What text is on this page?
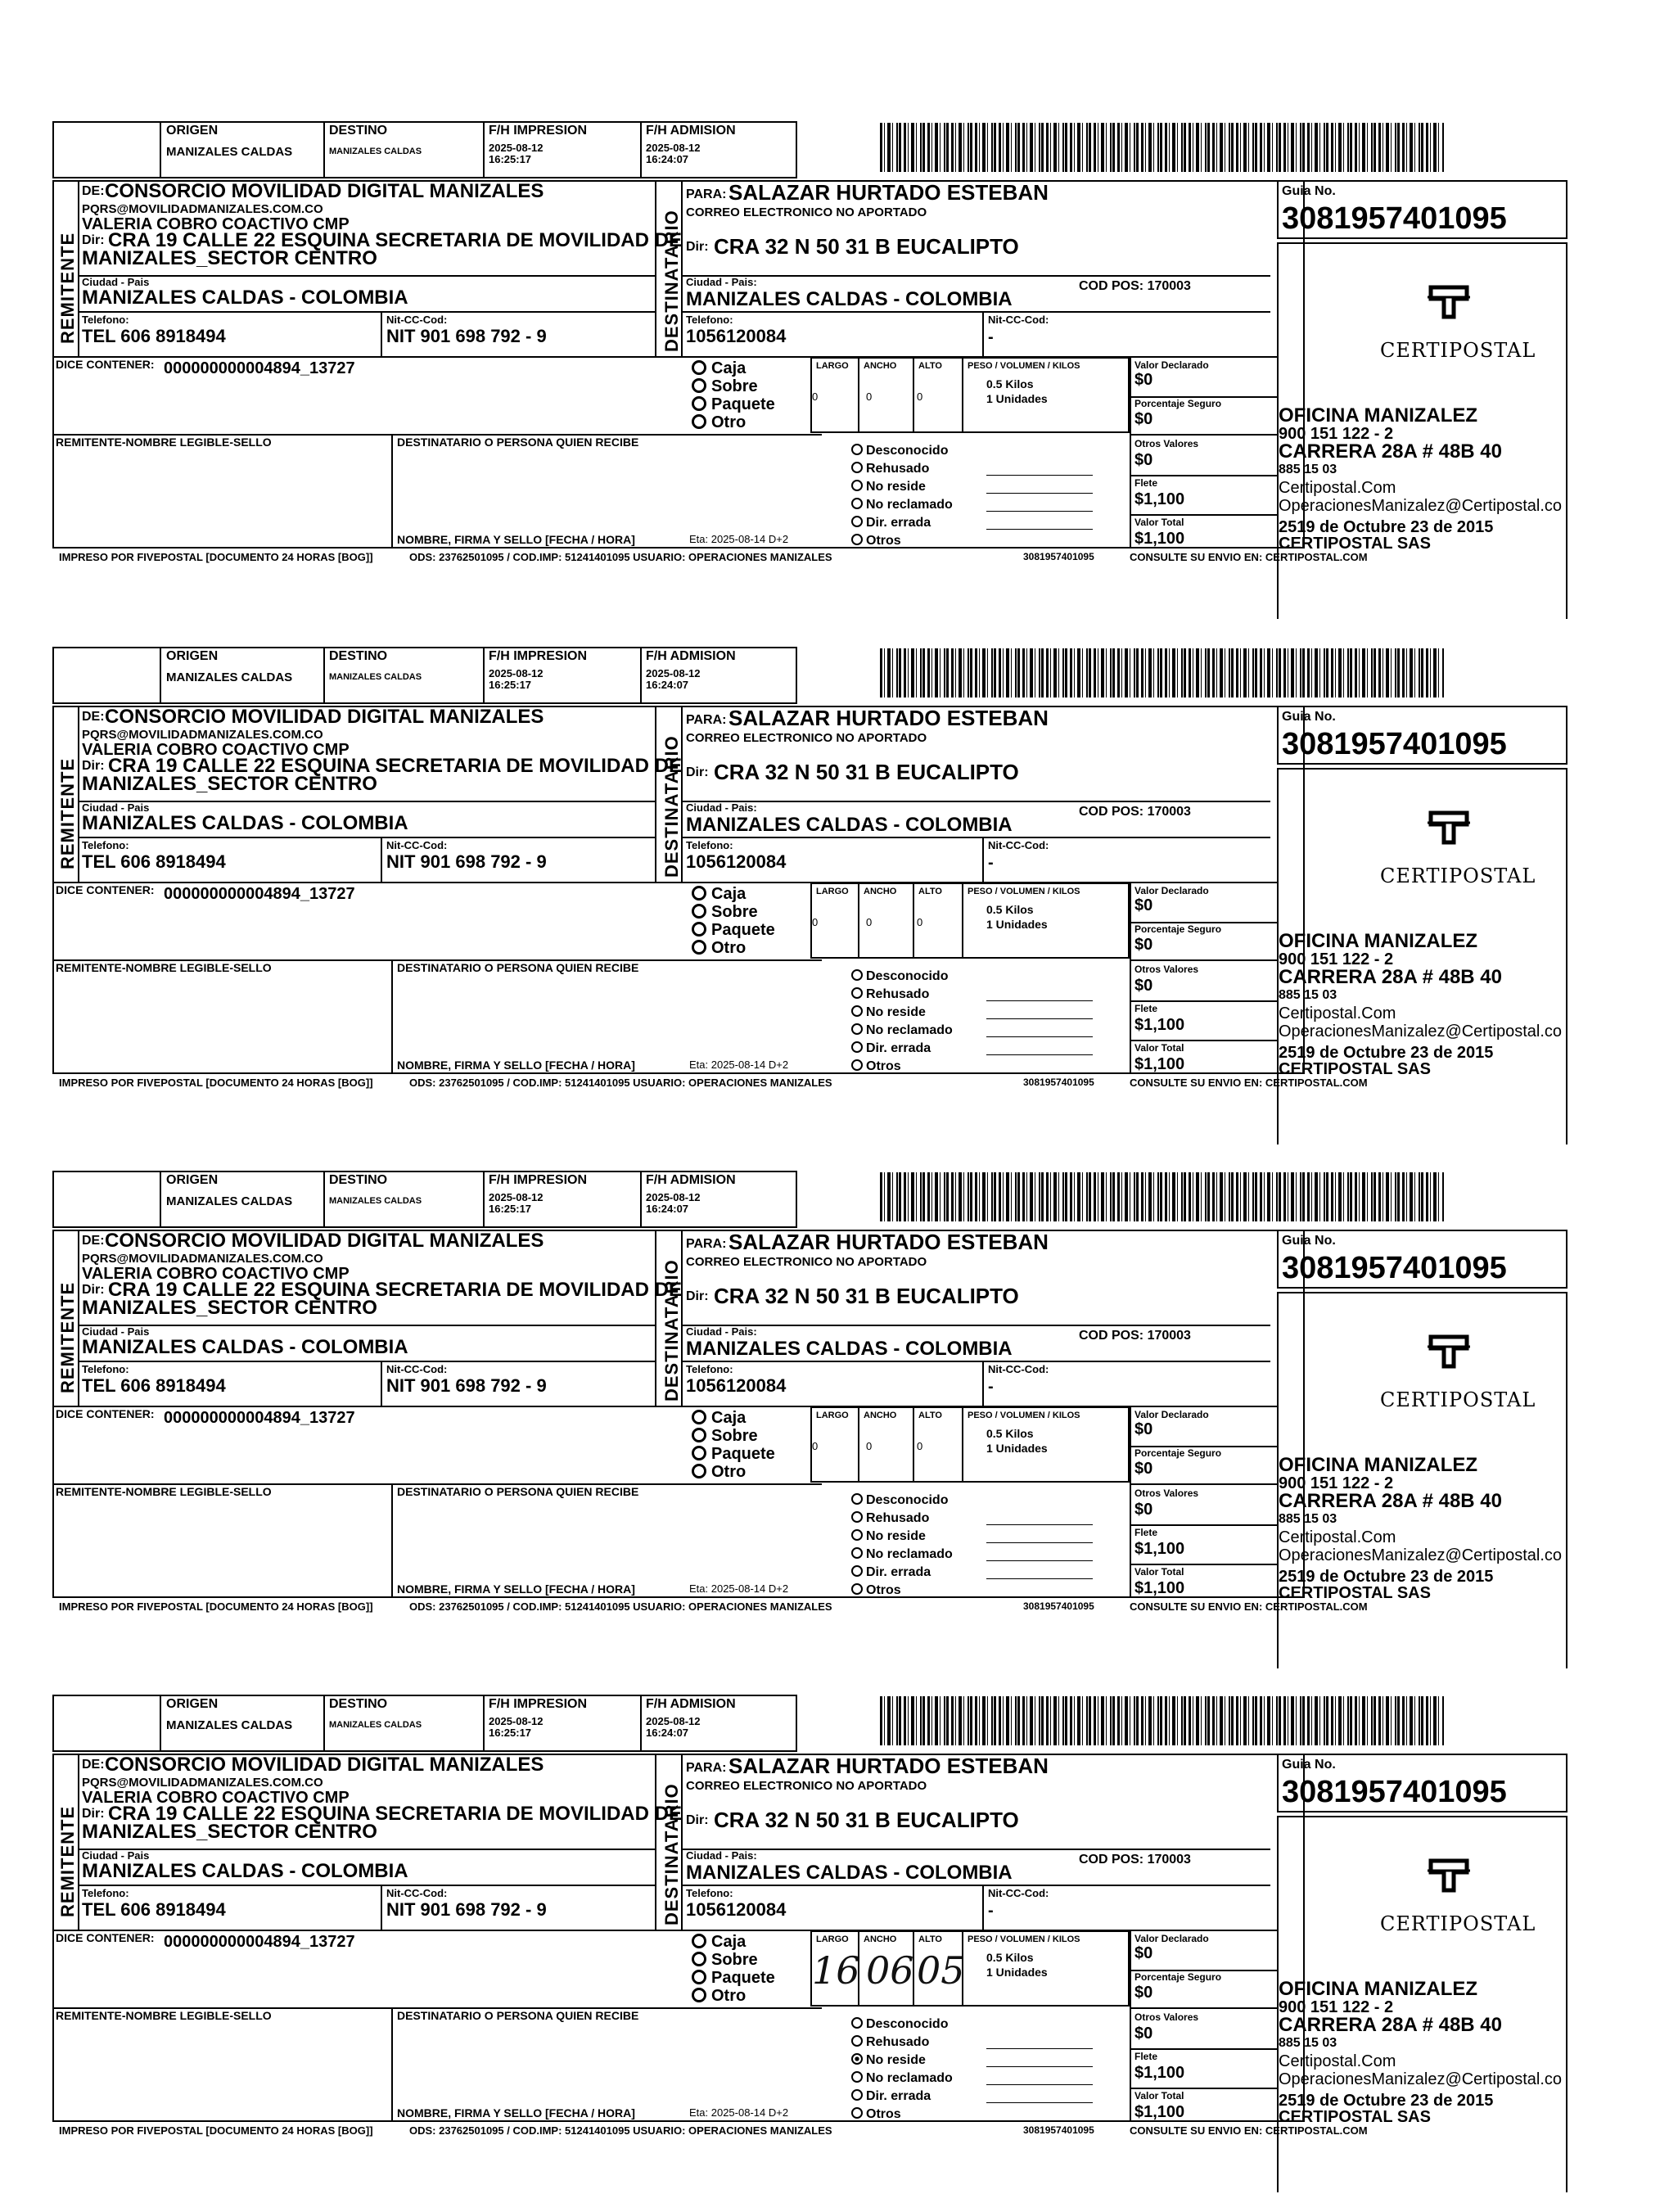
ORIGEN
MANIZALES CALDAS
DESTINO
MANIZALES CALDAS
F/H IMPRESION
2025-08-12
16:25:17
F/H ADMISION
2025-08-12
16:24:07
REMITENTE
DE: CONSORCIO MOVILIDAD DIGITAL MANIZALES
PQRS@MOVILIDADMANIZALES.COM.CO
VALERIA COBRO COACTIVO CMP
Dir: CRA 19 CALLE 22 ESQUINA SECRETARIA DE MOVILIDAD DE
MANIZALES_SECTOR CENTRO
Ciudad - Pais
MANIZALES CALDAS - COLOMBIA
Telefono:
TEL 606 8918494
Nit-CC-Cod:
NIT 901 698 792 - 9	DESTINATARIO
PARA: SALAZAR HURTADO ESTEBAN
CORREO ELECTRONICO NO APORTADO
Dir: CRA 32 N 50 31 B EUCALIPTO
Ciudad - Pais:
MANIZALES CALDAS - COLOMBIA
COD POS: 170003
Telefono:
1056120084
Nit-CC-Cod:
-
Guia No.
3081957401095
CERTIPOSTAL
OFICINA MANIZALEZ
900 151 122 - 2
CARRERA 28A # 48B 40
885 15 03
Certipostal.Com
OperacionesManizalez@Certipostal.co
2519 de Octubre 23 de 2015
CERTIPOSTAL SAS
DICE CONTENER: 000000000004894_13727	Caja
Sobre
Paquete
Otro
LARGO ANCHO ALTO	PESO / VOLUMEN / KILOS
0	0	0
0.5 Kilos
1 Unidades
Valor Declarado
$0
Porcentaje Seguro
$0
Otros Valores
$0
Flete
$1,100
Valor Total
$1,100
REMITENTE-NOMBRE LEGIBLE-SELLO	DESTINATARIO O PERSONA QUIEN RECIBE
NOMBRE, FIRMA Y SELLO [FECHA / HORA]	Eta: 2025-08-14 D+2
Desconocido
Rehusado
No reside
No reclamado
Dir. errada
Otros
IMPRESO POR FIVEPOSTAL [DOCUMENTO 24 HORAS [BOG]]	ODS: 23762501095 / COD.IMP: 51241401095 USUARIO: OPERACIONES MANIZALES	3081957401095	CONSULTE SU ENVIO EN: CERTIPOSTAL.COM
ORIGEN
MANIZALES CALDAS
DESTINO
MANIZALES CALDAS
F/H IMPRESION
2025-08-12
16:25:17
F/H ADMISION
2025-08-12
16:24:07
REMITENTE
DE: CONSORCIO MOVILIDAD DIGITAL MANIZALES
PQRS@MOVILIDADMANIZALES.COM.CO
VALERIA COBRO COACTIVO CMP
Dir: CRA 19 CALLE 22 ESQUINA SECRETARIA DE MOVILIDAD DE
MANIZALES_SECTOR CENTRO
Ciudad - Pais
MANIZALES CALDAS - COLOMBIA
Telefono:
TEL 606 8918494
Nit-CC-Cod:
NIT 901 698 792 - 9	DESTINATARIO
PARA: SALAZAR HURTADO ESTEBAN
CORREO ELECTRONICO NO APORTADO
Dir: CRA 32 N 50 31 B EUCALIPTO
Ciudad - Pais:
MANIZALES CALDAS - COLOMBIA
COD POS: 170003
Telefono:
1056120084
Nit-CC-Cod:
-
Guia No.
3081957401095
CERTIPOSTAL
OFICINA MANIZALEZ
900 151 122 - 2
CARRERA 28A # 48B 40
885 15 03
Certipostal.Com
OperacionesManizalez@Certipostal.co
2519 de Octubre 23 de 2015
CERTIPOSTAL SAS
DICE CONTENER: 000000000004894_13727	Caja
Sobre
Paquete
Otro
LARGO ANCHO ALTO	PESO / VOLUMEN / KILOS
0	0	0
0.5 Kilos
1 Unidades
Valor Declarado
$0
Porcentaje Seguro
$0
Otros Valores
$0
Flete
$1,100
Valor Total
$1,100
REMITENTE-NOMBRE LEGIBLE-SELLO	DESTINATARIO O PERSONA QUIEN RECIBE
NOMBRE, FIRMA Y SELLO [FECHA / HORA]	Eta: 2025-08-14 D+2
Desconocido
Rehusado
No reside
No reclamado
Dir. errada
Otros
IMPRESO POR FIVEPOSTAL [DOCUMENTO 24 HORAS [BOG]]	ODS: 23762501095 / COD.IMP: 51241401095 USUARIO: OPERACIONES MANIZALES	3081957401095	CONSULTE SU ENVIO EN: CERTIPOSTAL.COM
ORIGEN
MANIZALES CALDAS
DESTINO
MANIZALES CALDAS
F/H IMPRESION
2025-08-12
16:25:17
F/H ADMISION
2025-08-12
16:24:07
REMITENTE
DE: CONSORCIO MOVILIDAD DIGITAL MANIZALES
PQRS@MOVILIDADMANIZALES.COM.CO
VALERIA COBRO COACTIVO CMP
Dir: CRA 19 CALLE 22 ESQUINA SECRETARIA DE MOVILIDAD DE
MANIZALES_SECTOR CENTRO
Ciudad - Pais
MANIZALES CALDAS - COLOMBIA
Telefono:
TEL 606 8918494
Nit-CC-Cod:
NIT 901 698 792 - 9	DESTINATARIO
PARA: SALAZAR HURTADO ESTEBAN
CORREO ELECTRONICO NO APORTADO
Dir: CRA 32 N 50 31 B EUCALIPTO
Ciudad - Pais:
MANIZALES CALDAS - COLOMBIA
COD POS: 170003
Telefono:
1056120084
Nit-CC-Cod:
-
Guia No.
3081957401095
CERTIPOSTAL
OFICINA MANIZALEZ
900 151 122 - 2
CARRERA 28A # 48B 40
885 15 03
Certipostal.Com
OperacionesManizalez@Certipostal.co
2519 de Octubre 23 de 2015
CERTIPOSTAL SAS
DICE CONTENER: 000000000004894_13727	Caja
Sobre
Paquete
Otro
LARGO ANCHO ALTO	PESO / VOLUMEN / KILOS
0	0	0
0.5 Kilos
1 Unidades
Valor Declarado
$0
Porcentaje Seguro
$0
Otros Valores
$0
Flete
$1,100
Valor Total
$1,100
REMITENTE-NOMBRE LEGIBLE-SELLO	DESTINATARIO O PERSONA QUIEN RECIBE
NOMBRE, FIRMA Y SELLO [FECHA / HORA]	Eta: 2025-08-14 D+2
Desconocido
Rehusado
No reside
No reclamado
Dir. errada
Otros
IMPRESO POR FIVEPOSTAL [DOCUMENTO 24 HORAS [BOG]]	ODS: 23762501095 / COD.IMP: 51241401095 USUARIO: OPERACIONES MANIZALES	3081957401095	CONSULTE SU ENVIO EN: CERTIPOSTAL.COM
ORIGEN
MANIZALES CALDAS
DESTINO
MANIZALES CALDAS
F/H IMPRESION
2025-08-12
16:25:17
F/H ADMISION
2025-08-12
16:24:07
REMITENTE
DE: CONSORCIO MOVILIDAD DIGITAL MANIZALES
PQRS@MOVILIDADMANIZALES.COM.CO
VALERIA COBRO COACTIVO CMP
Dir: CRA 19 CALLE 22 ESQUINA SECRETARIA DE MOVILIDAD DE
MANIZALES_SECTOR CENTRO
Ciudad - Pais
MANIZALES CALDAS - COLOMBIA
Telefono:
TEL 606 8918494
Nit-CC-Cod:
NIT 901 698 792 - 9	DESTINATARIO
PARA: SALAZAR HURTADO ESTEBAN
CORREO ELECTRONICO NO APORTADO
Dir: CRA 32 N 50 31 B EUCALIPTO
Ciudad - Pais:
MANIZALES CALDAS - COLOMBIA
COD POS: 170003
Telefono:
1056120084
Nit-CC-Cod:
-
Guia No.
3081957401095
CERTIPOSTAL
OFICINA MANIZALEZ
900 151 122 - 2
CARRERA 28A # 48B 40
885 15 03
Certipostal.Com
OperacionesManizalez@Certipostal.co
2519 de Octubre 23 de 2015
CERTIPOSTAL SAS
DICE CONTENER: 000000000004894_13727	Caja
Sobre
Paquete
Otro
LARGO ANCHO ALTO	PESO / VOLUMEN / KILOS
16 06 05 0.5 Kilos
1 Unidades
Valor Declarado
$0
Porcentaje Seguro
$0
Otros Valores
$0
Flete
$1,100
Valor Total
$1,100
REMITENTE-NOMBRE LEGIBLE-SELLO	DESTINATARIO O PERSONA QUIEN RECIBE
NOMBRE, FIRMA Y SELLO [FECHA / HORA]	Eta: 2025-08-14 D+2
Desconocido
Rehusado
No reside
No reclamado
Dir. errada
Otros
IMPRESO POR FIVEPOSTAL [DOCUMENTO 24 HORAS [BOG]]	ODS: 23762501095 / COD.IMP: 51241401095 USUARIO: OPERACIONES MANIZALES	3081957401095	CONSULTE SU ENVIO EN: CERTIPOSTAL.COM
